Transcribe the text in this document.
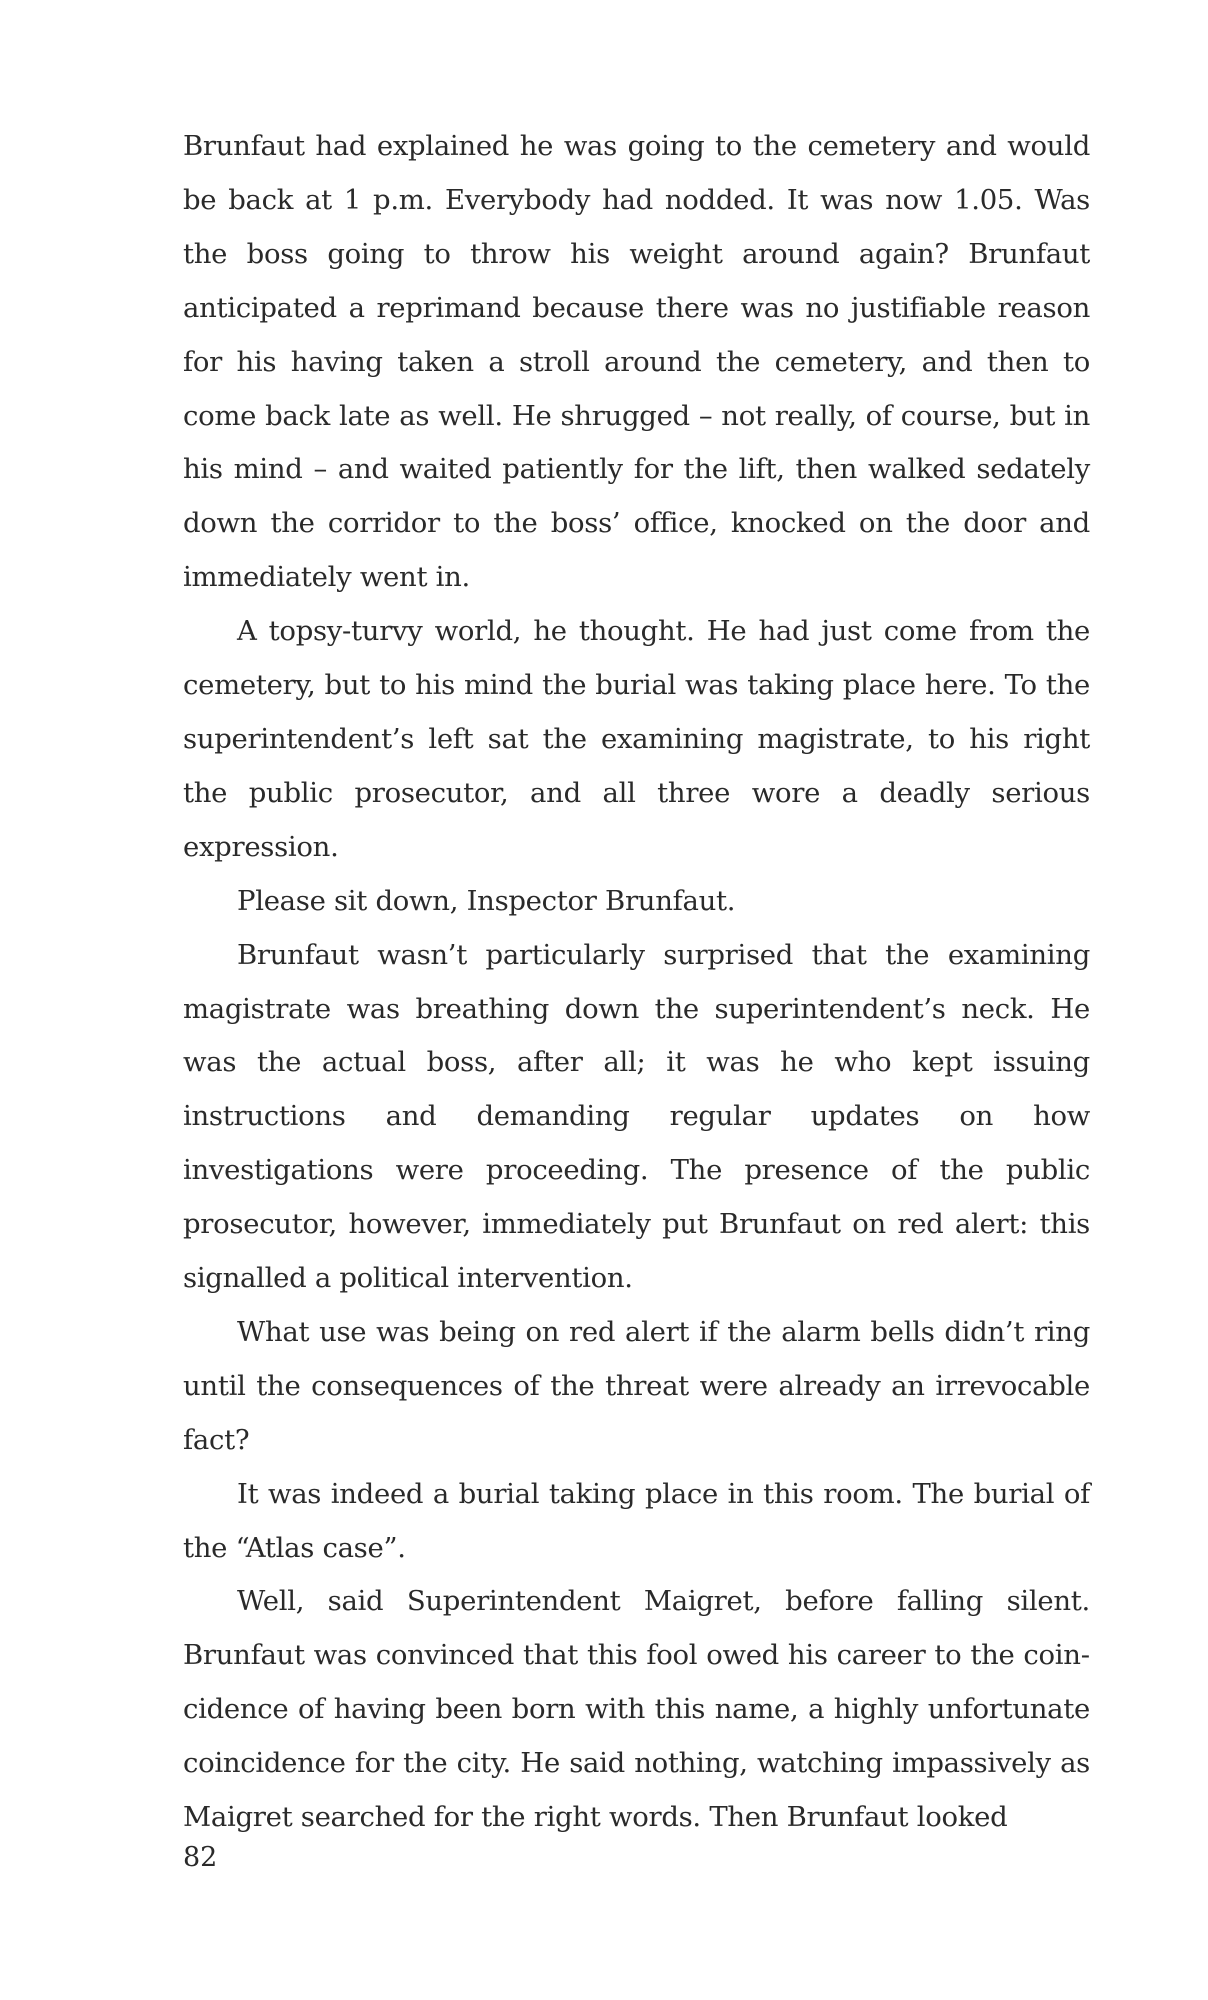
Brunfaut had explained he was going to the cemetery and would be back at 1 p.m. Everybody had nodded. It was now 1.05. Was the boss going to throw his weight around again? Brunfaut anticipated a reprimand because there was no justifiable reason for his having taken a stroll around the cemetery, and then to come back late as well. He shrugged – not really, of course, but in his mind – and waited patiently for the lift, then walked sedately down the corridor to the boss’ office, knocked on the door and immediately went in.

A topsy-turvy world, he thought. He had just come from the cemetery, but to his mind the burial was taking place here. To the superintendent’s left sat the examining magistrate, to his right the public prosecutor, and all three wore a deadly serious expression.

Please sit down, Inspector Brunfaut.

Brunfaut wasn’t particularly surprised that the examining magistrate was breathing down the superintendent’s neck. He was the actual boss, after all; it was he who kept issuing instructions and demanding regular updates on how investigations were proceeding. The presence of the public prosecutor, however, immediately put Brunfaut on red alert: this signalled a political intervention.

What use was being on red alert if the alarm bells didn’t ring until the consequences of the threat were already an irrevocable fact?

It was indeed a burial taking place in this room. The burial of the “Atlas case”.

Well, said Superintendent Maigret, before falling silent. Brunfaut was convinced that this fool owed his career to the coincidence of having been born with this name, a highly unfortunate coincidence for the city. He said nothing, watching impassively as Maigret searched for the right words. Then Brunfaut looked

82
